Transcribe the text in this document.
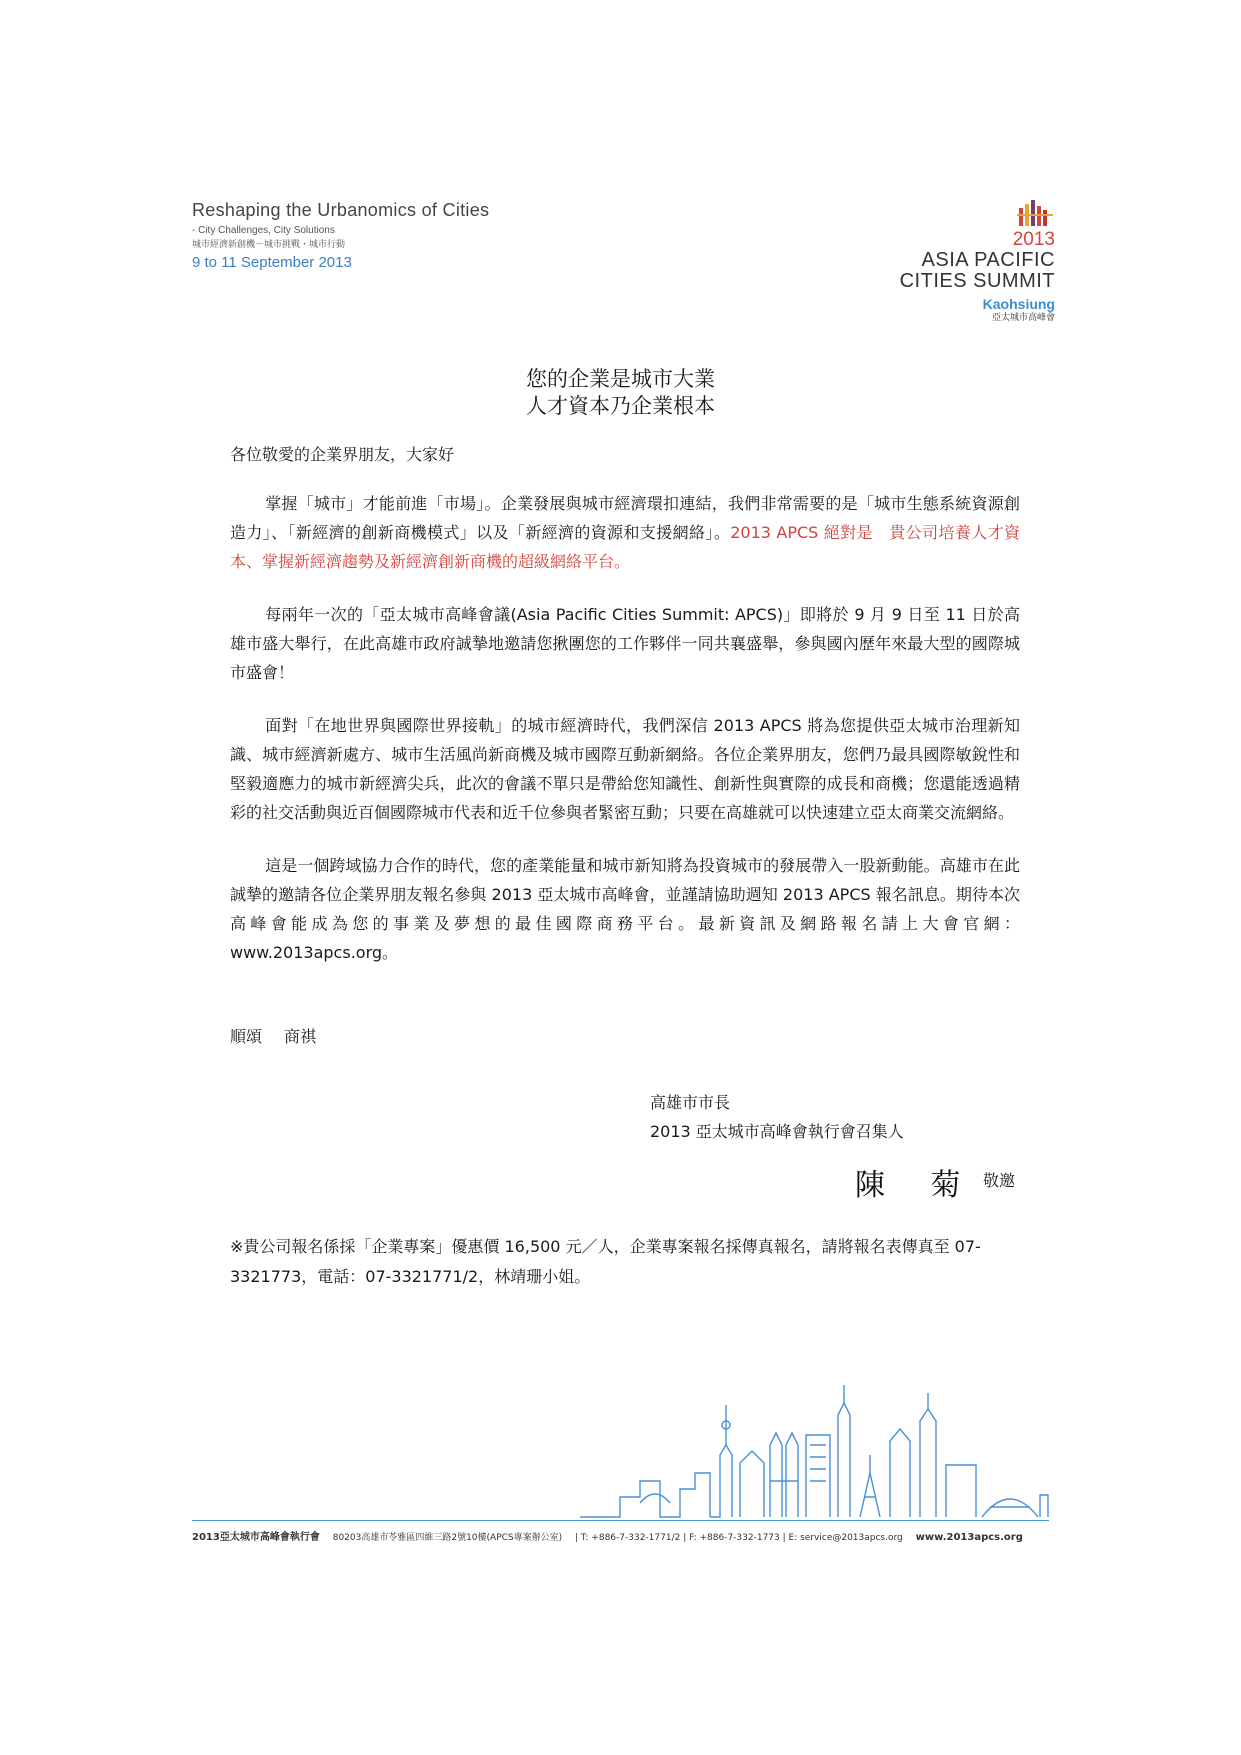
Reshaping the Urbanomics of Cities
- City Challenges, City Solutions
城市經濟新創機－城市挑戰・城市行動
9 to 11 September 2013
2013
ASIA PACIFIC
CITIES SUMMIT
Kaohsiung
亞太城市高峰會
您的企業是城市大業
人才資本乃企業根本

各位敬愛的企業界朋友，大家好

掌握「城市」才能前進「市場」。企業發展與城市經濟環扣連結，我們非常需要的是「城市生態系統資源創造力」、「新經濟的創新商機模式」以及「新經濟的資源和支援網絡」。2013 APCS 絕對是　貴公司培養人才資本、掌握新經濟趨勢及新經濟創新商機的超級網絡平台。

每兩年一次的「亞太城市高峰會議(Asia Pacific Cities Summit: APCS)」即將於 9 月 9 日至 11 日於高雄市盛大舉行，在此高雄市政府誠摯地邀請您揪團您的工作夥伴一同共襄盛舉，參與國內歷年來最大型的國際城市盛會！

面對「在地世界與國際世界接軌」的城市經濟時代，我們深信 2013 APCS 將為您提供亞太城市治理新知識、城市經濟新處方、城市生活風尚新商機及城市國際互動新網絡。各位企業界朋友，您們乃最具國際敏銳性和堅毅適應力的城市新經濟尖兵，此次的會議不單只是帶給您知識性、創新性與實際的成長和商機；您還能透過精彩的社交活動與近百個國際城市代表和近千位參與者緊密互動；只要在高雄就可以快速建立亞太商業交流網絡。

這是一個跨域協力合作的時代，您的產業能量和城市新知將為投資城市的發展帶入一股新動能。高雄市在此誠摯的邀請各位企業界朋友報名參與 2013 亞太城市高峰會，並謹請協助週知 2013 APCS 報名訊息。期待本次高峰會能成為您的事業及夢想的最佳國際商務平台。最新資訊及網路報名請上大會官網：www.2013apcs.org。

順頌 商祺
高雄市市長
2013 亞太城市高峰會執行會召集人
陳 菊 敬邀
※貴公司報名係採「企業專案」優惠價 16,500 元／人，企業專案報名採傳真報名，請將報名表傳真至 07-3321773，電話：07-3321771/2，林靖珊小姐。
2013亞太城市高峰會執行會 80203高雄市苓雅區四維三路2號10樓(APCS專案辦公室) | T: +886-7-332-1771/2 | F: +886-7-332-1773 | E: service@2013apcs.org www.2013apcs.org
